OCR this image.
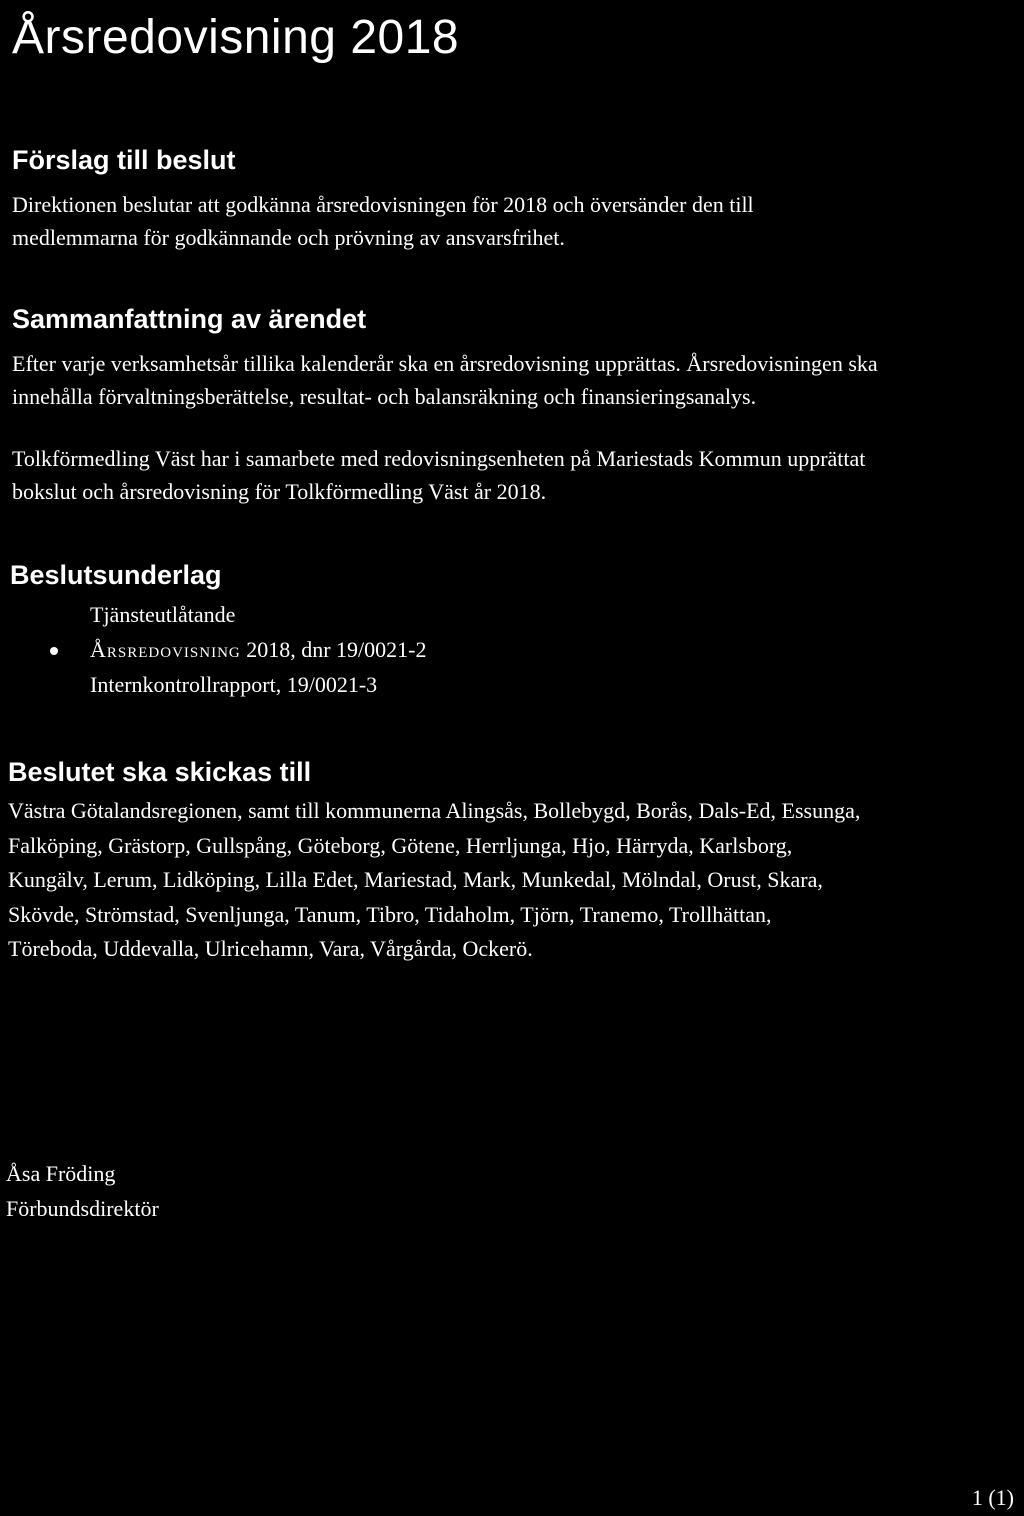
Årsredovisning 2018
Förslag till beslut
Direktionen beslutar att godkänna årsredovisningen för 2018 och översänder den till
medlemmarna för godkännande och prövning av ansvarsfrihet.
Sammanfattning av ärendet
Efter varje verksamhetsår tillika kalenderår ska en årsredovisning upprättas. Årsredovisningen ska
innehålla förvaltningsberättelse, resultat- och balansräkning och finansieringsanalys.
Tolkförmedling Väst har i samarbete med redovisningsenheten på Mariestads Kommun upprättat
bokslut och årsredovisning för Tolkförmedling Väst år 2018.
Beslutsunderlag
Tjänsteutlåtande
Årsredovisning 2018, dnr 19/0021-2
Internkontrollrapport, 19/0021-3
Beslutet ska skickas till
Västra Götalandsregionen, samt till kommunerna Alingsås, Bollebygd, Borås, Dals-Ed, Essunga,
Falköping, Grästorp, Gullspång, Göteborg, Götene, Herrljunga, Hjo, Härryda, Karlsborg,
Kungälv, Lerum, Lidköping, Lilla Edet, Mariestad, Mark, Munkedal, Mölndal, Orust, Skara,
Skövde, Strömstad, Svenljunga, Tanum, Tibro, Tidaholm, Tjörn, Tranemo, Trollhättan,
Töreboda, Uddevalla, Ulricehamn, Vara, Vårgårda, Ockerö.
Åsa Fröding
Förbundsdirektör
1 (1)
